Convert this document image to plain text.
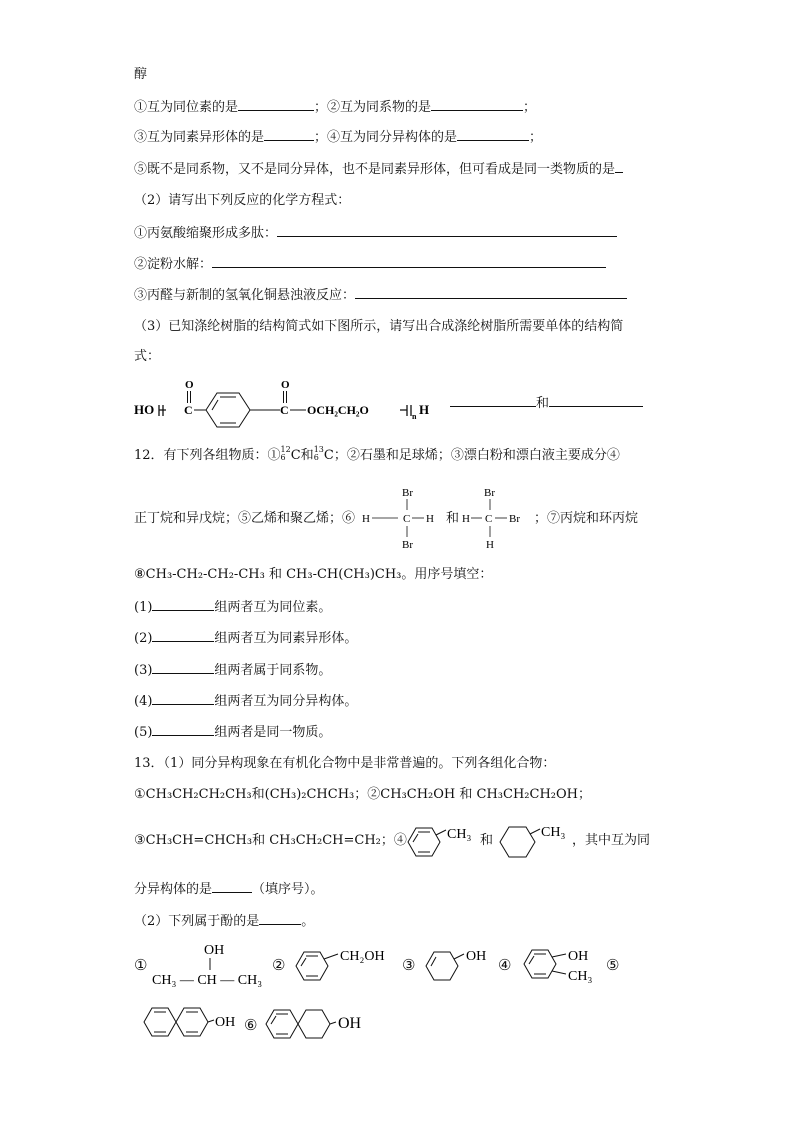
醇
①互为同位素的是	；②互为同系物的是	；
③互为同素异形体的是	；④互为同分异构体的是	；
⑤既不是同系物，又不是同分异体，也不是同素异形体，但可看成是同一类物质的是
（2）请写出下列反应的化学方程式：
①丙氨酸缩聚形成多肽：
②淀粉水解：
③丙醛与新制的氢氧化铜悬浊液反应：
（3）已知涤纶树脂的结构简式如下图所示，请写出合成涤纶树脂所需要单体的结构简
式：
HO C
O
C
O
OCH₂CH₂O	n H	和
12．有下列各组物质：① 12
6 C和 13
6 C；②石墨和足球烯；③漂白粉和漂白液主要成分④
正丁烷和异戊烷；⑤乙烯和聚乙烯；⑥
Br
H	C H
Br
和
Br
H C Br
H
；⑦丙烷和环丙烷
⑧CH₃-CH₂-CH₂-CH₃ 和 CH₃-CH(CH₃)CH₃。用序号填空：
(1)	组两者互为同位素。
(2)	组两者互为同素异形体。
(3)	组两者属于同系物。
(4)	组两者互为同分异构体。
(5)	组两者是同一物质。
13．（1）同分异构现象在有机化合物中是非常普遍的。下列各组化合物：
①CH₃CH₂CH₂CH₃和(CH₃)₂CHCH₃；②CH₃CH₂OH 和 CH₃CH₂CH₂OH；
③CH₃CH=CHCH₃和 CH₃CH₂CH=CH₂；④	CH₃ 和
CH₃
，其中互为同
分异构体的是	（填序号）。
（2）下列属于酚的是	。
①
OH
CH₃ — CH — CH₃
②	CH₂OH ③	OH ④	OH
CH₃
⑤
OH ⑥	OH
